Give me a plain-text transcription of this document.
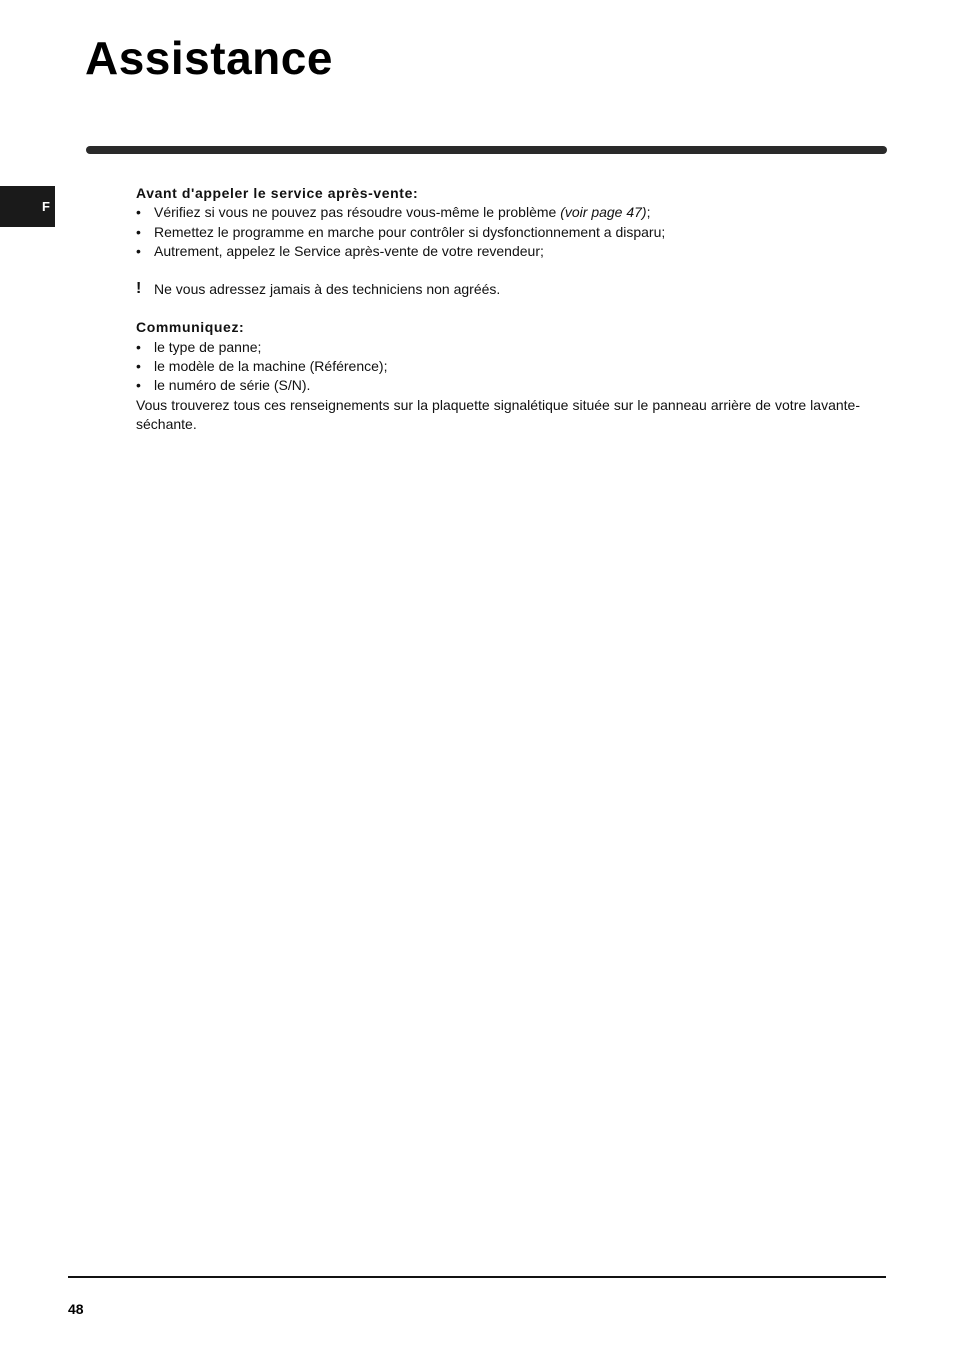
Assistance
F
Avant d'appeler le service après-vente:
• Vérifiez si vous ne pouvez pas résoudre vous-même le problème (voir page 47);
• Remettez le programme en marche pour contrôler si dysfonctionnement a disparu;
• Autrement, appelez le Service après-vente de votre revendeur;
! Ne vous adressez jamais à des techniciens non agréés.
Communiquez:
• le type de panne;
• le modèle de la machine (Référence);
• le numéro de série (S/N).
Vous trouverez tous ces renseignements sur la plaquette signalétique située sur le panneau arrière de votre lavante-séchante.
48
